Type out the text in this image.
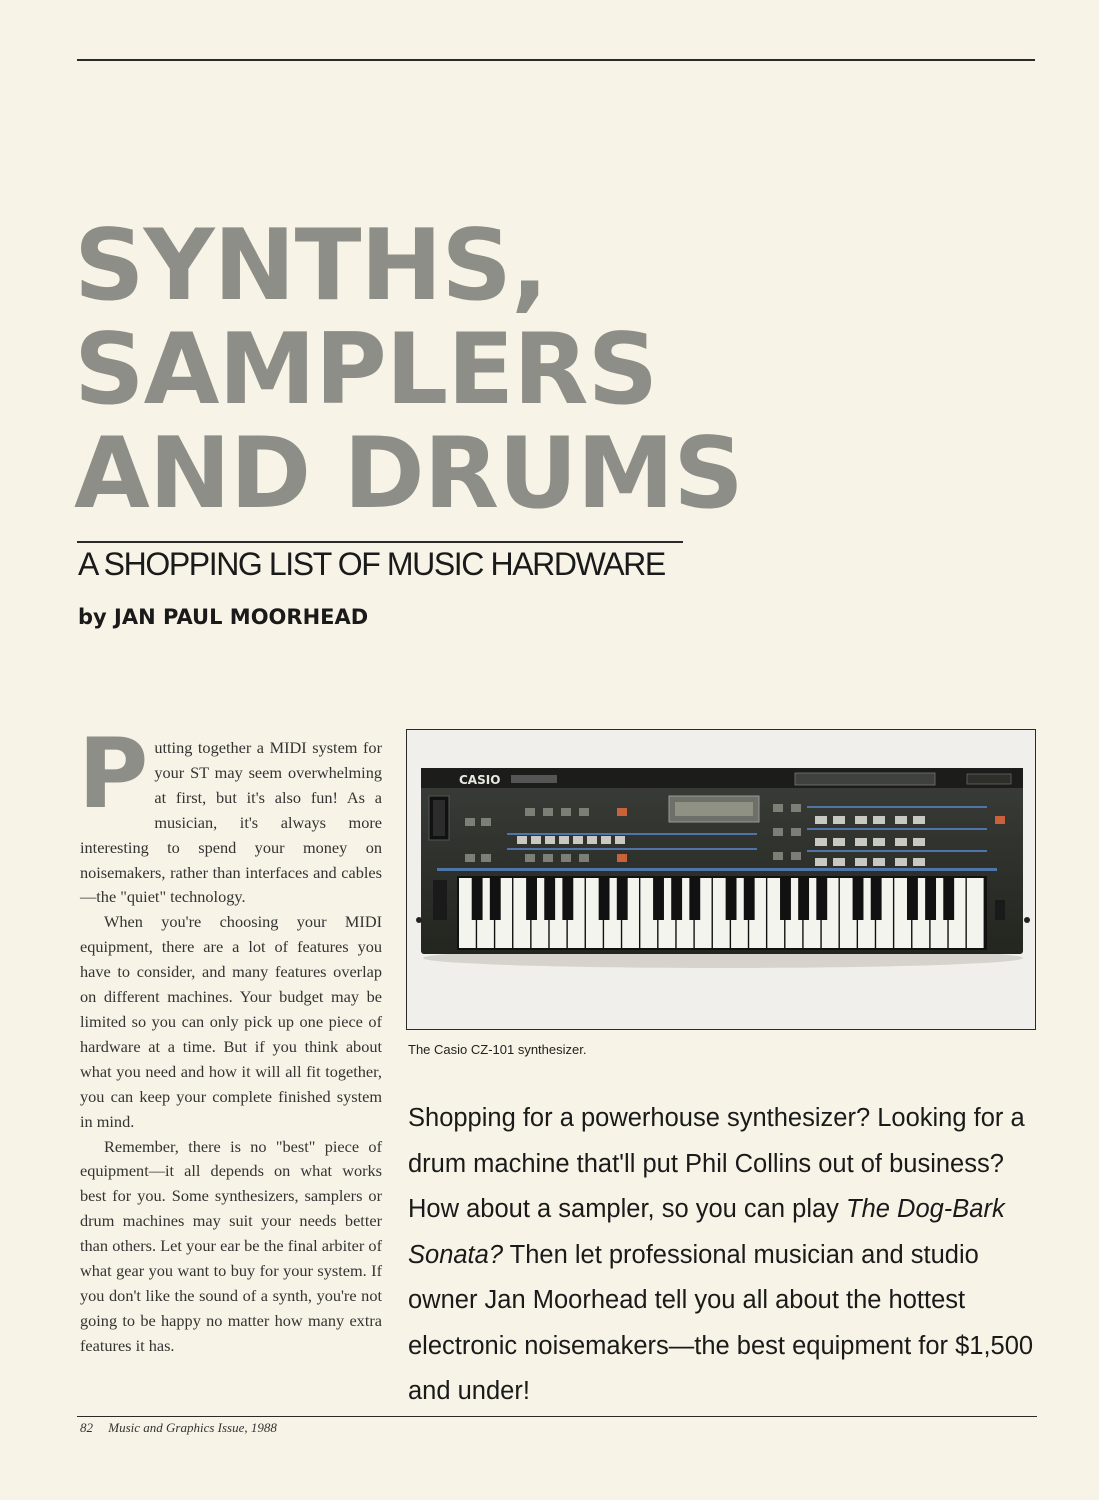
SYNTHS,
SAMPLERS
AND DRUMS
A SHOPPING LIST OF MUSIC HARDWARE

by JAN PAUL MOORHEAD

Putting together a MIDI system for your ST may seem overwhelming at first, but it's also fun! As a musician, it's always more interesting to spend your money on noisemakers, rather than interfaces and cables—the "quiet" technology.

When you're choosing your MIDI equipment, there are a lot of features you have to consider, and many features overlap on different machines. Your budget may be limited so you can only pick up one piece of hardware at a time. But if you think about what you need and how it will all fit together, you can keep your complete finished system in mind.

Remember, there is no "best" piece of equipment—it all depends on what works best for you. Some synthesizers, samplers or drum machines may suit your needs better than others. Let your ear be the final arbiter of what gear you want to buy for your system. If you don't like the sound of a synth, you're not going to be happy no matter how many extra features it has.

CASIO

The Casio CZ-101 synthesizer.

Shopping for a powerhouse synthesizer? Looking for a drum machine that'll put Phil Collins out of business? How about a sampler, so you can play The Dog-Bark Sonata? Then let professional musician and studio owner Jan Moorhead tell you all about the hottest electronic noisemakers—the best equipment for $1,500 and under!

82 Music and Graphics Issue, 1988
